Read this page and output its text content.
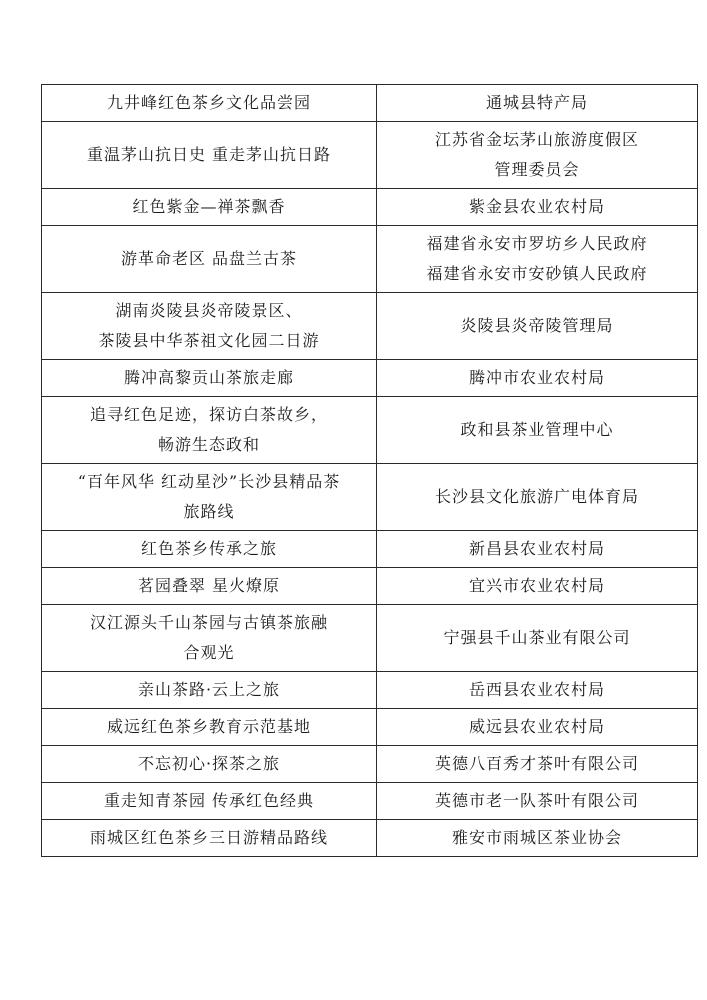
九井峰红色茶乡文化品尝园	通城县特产局
重温茅山抗日史 重走茅山抗日路	江苏省金坛茅山旅游度假区
管理委员会
红色紫金—禅茶飘香	紫金县农业农村局
游革命老区 品盘兰古茶	福建省永安市罗坊乡人民政府
福建省永安市安砂镇人民政府
湖南炎陵县炎帝陵景区、
茶陵县中华茶祖文化园二日游	炎陵县炎帝陵管理局
腾冲高黎贡山茶旅走廊	腾冲市农业农村局
追寻红色足迹，探访白茶故乡，
畅游生态政和	政和县茶业管理中心
“百年风华 红动星沙”长沙县精品茶
旅路线	长沙县文化旅游广电体育局
红色茶乡传承之旅	新昌县农业农村局
茗园叠翠 星火燎原	宜兴市农业农村局
汉江源头千山茶园与古镇茶旅融
合观光	宁强县千山茶业有限公司
亲山茶路·云上之旅	岳西县农业农村局
威远红色茶乡教育示范基地	威远县农业农村局
不忘初心·探茶之旅	英德八百秀才茶叶有限公司
重走知青茶园 传承红色经典	英德市老一队茶叶有限公司
雨城区红色茶乡三日游精品路线	雅安市雨城区茶业协会
